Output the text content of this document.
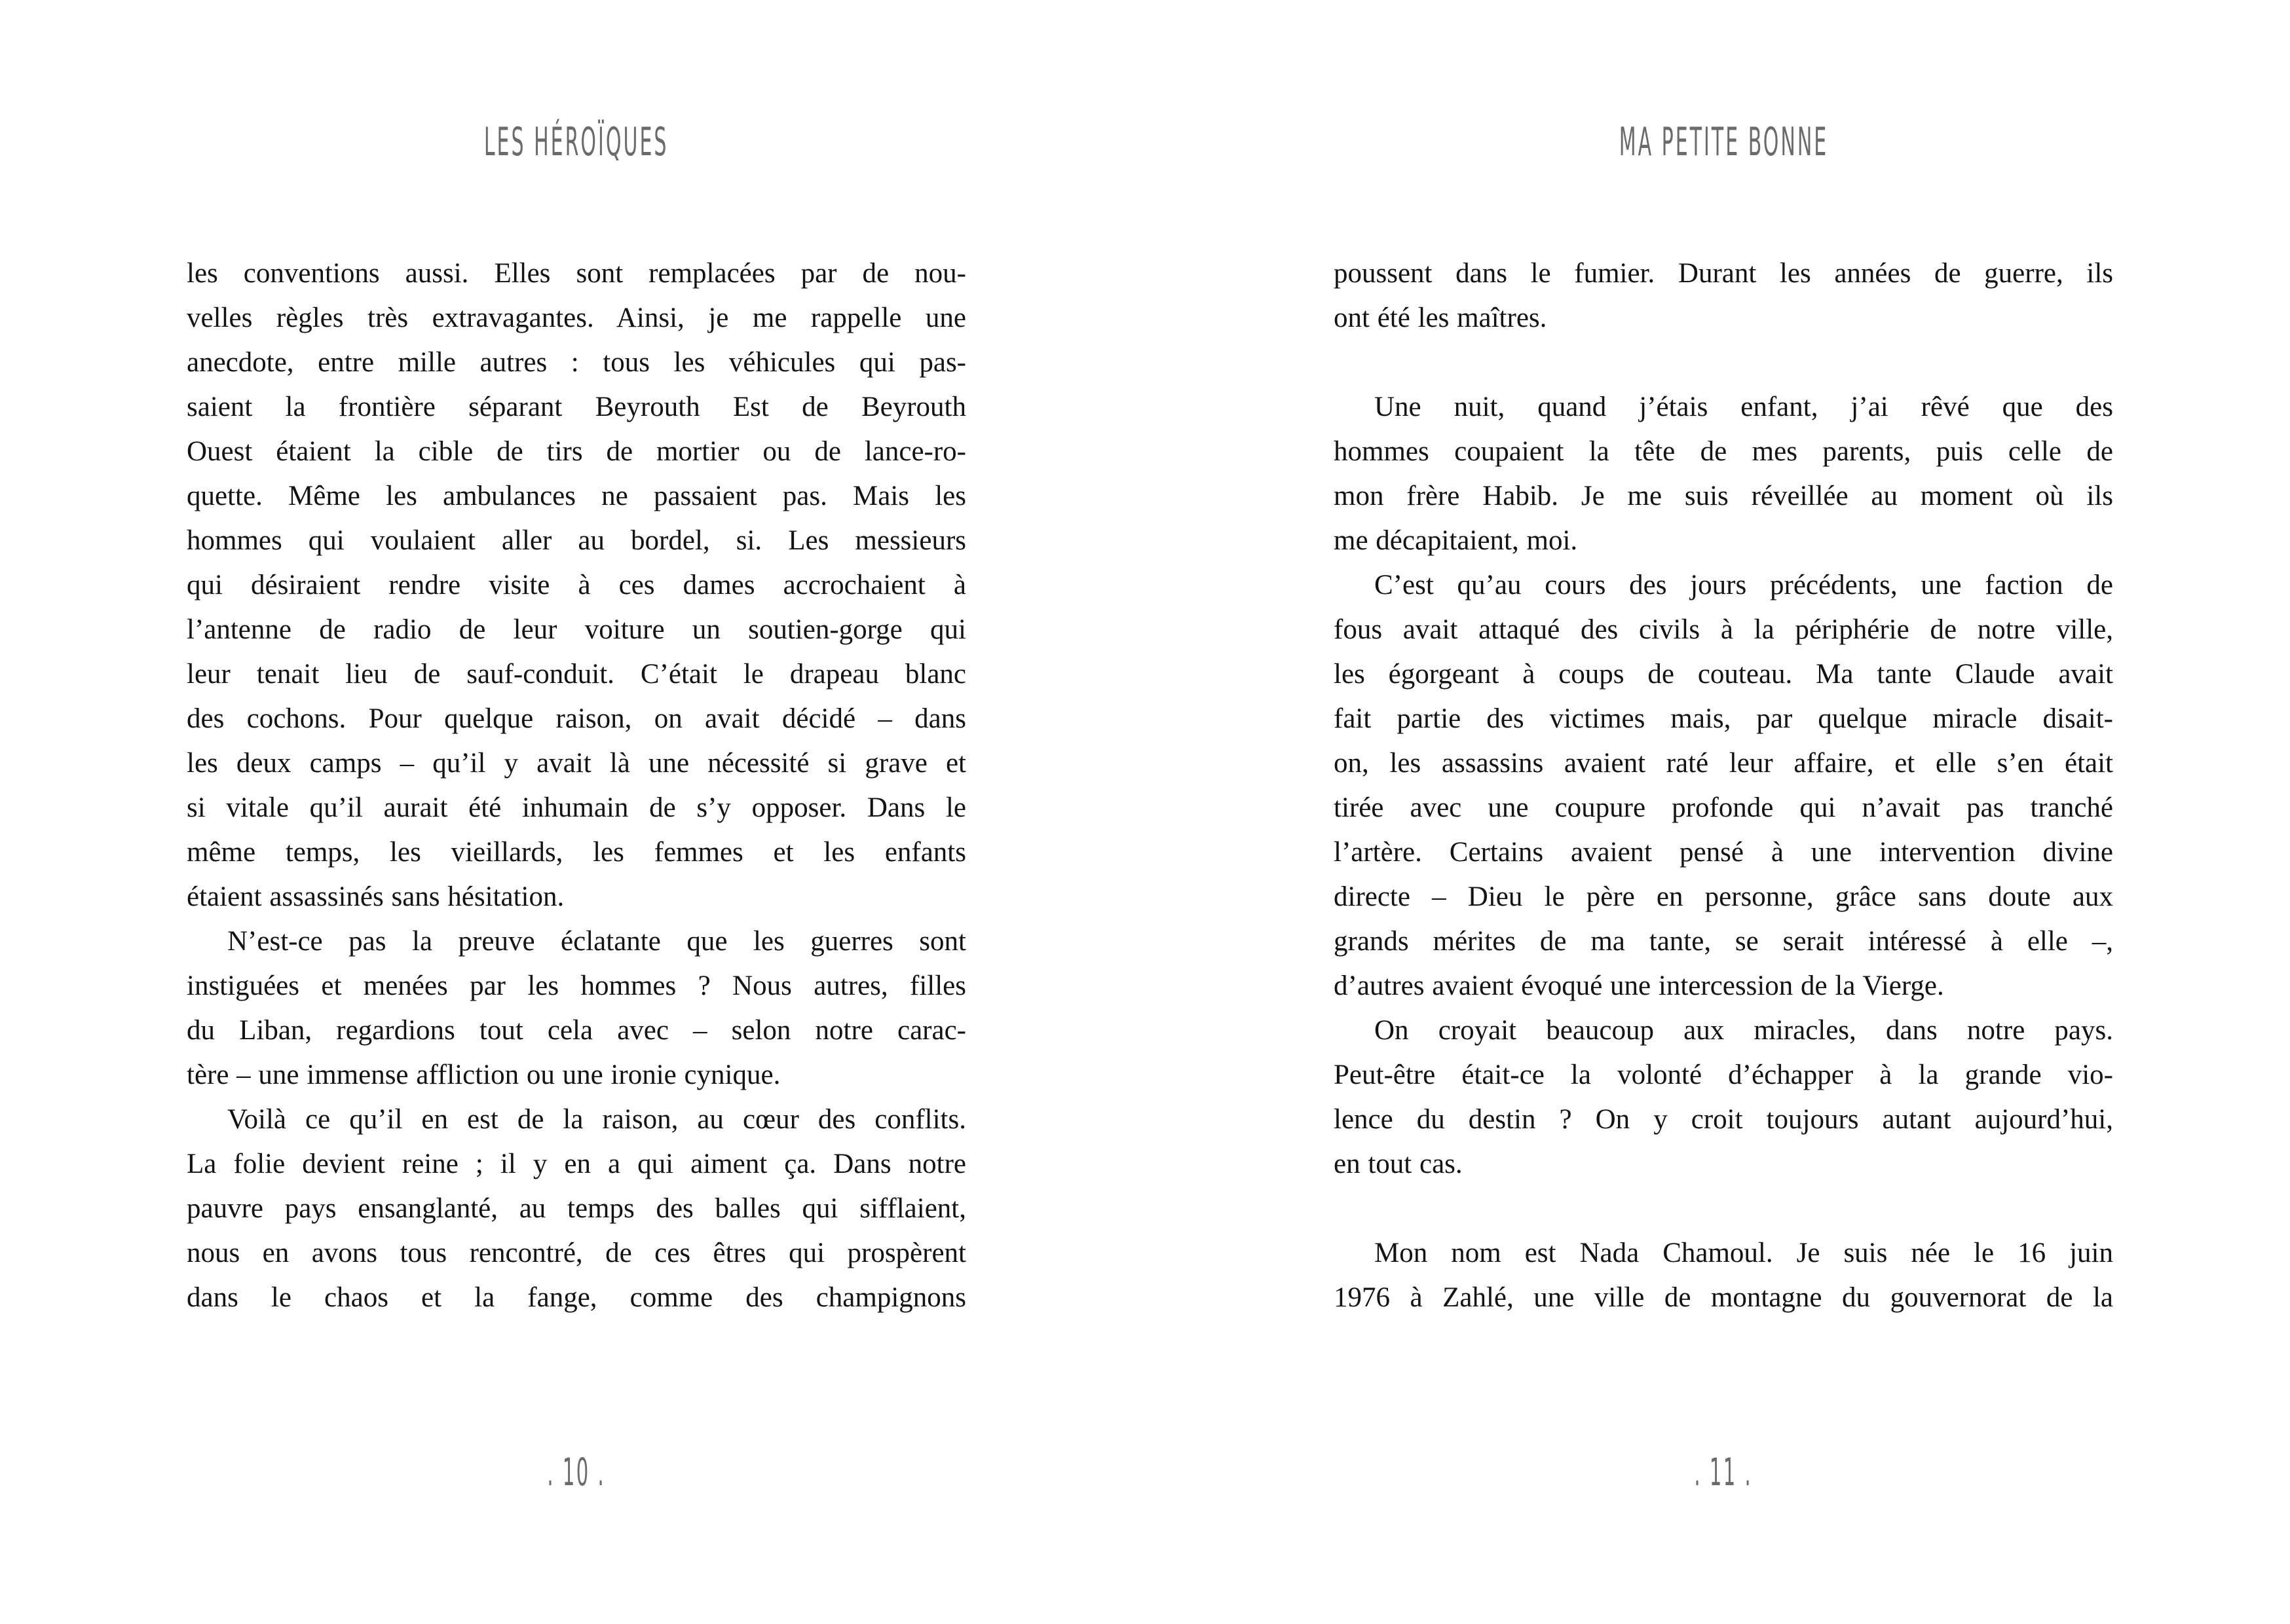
LES HÉROÏQUES
les conventions aussi. Elles sont remplacées par de nou-
velles règles très extravagantes. Ainsi, je me rappelle une
anecdote, entre mille autres : tous les véhicules qui pas-
saient la frontière séparant Beyrouth Est de Beyrouth
Ouest étaient la cible de tirs de mortier ou de lance-ro-
quette. Même les ambulances ne passaient pas. Mais les
hommes qui voulaient aller au bordel, si. Les messieurs
qui désiraient rendre visite à ces dames accrochaient à
l’antenne de radio de leur voiture un soutien-gorge qui
leur tenait lieu de sauf-conduit. C’était le drapeau blanc
des cochons. Pour quelque raison, on avait décidé – dans
les deux camps – qu’il y avait là une nécessité si grave et
si vitale qu’il aurait été inhumain de s’y opposer. Dans le
même temps, les vieillards, les femmes et les enfants
étaient assassinés sans hésitation.
N’est-ce pas la preuve éclatante que les guerres sont
instiguées et menées par les hommes ? Nous autres, filles
du Liban, regardions tout cela avec – selon notre carac-
tère – une immense affliction ou une ironie cynique.
Voilà ce qu’il en est de la raison, au cœur des conflits.
La folie devient reine ; il y en a qui aiment ça. Dans notre
pauvre pays ensanglanté, au temps des balles qui sifflaient,
nous en avons tous rencontré, de ces êtres qui prospèrent
dans le chaos et la fange, comme des champignons
. 10 .
MA PETITE BONNE
poussent dans le fumier. Durant les années de guerre, ils
ont été les maîtres.

Une nuit, quand j’étais enfant, j’ai rêvé que des
hommes coupaient la tête de mes parents, puis celle de
mon frère Habib. Je me suis réveillée au moment où ils
me décapitaient, moi.
C’est qu’au cours des jours précédents, une faction de
fous avait attaqué des civils à la périphérie de notre ville,
les égorgeant à coups de couteau. Ma tante Claude avait
fait partie des victimes mais, par quelque miracle disait-
on, les assassins avaient raté leur affaire, et elle s’en était
tirée avec une coupure profonde qui n’avait pas tranché
l’artère. Certains avaient pensé à une intervention divine
directe – Dieu le père en personne, grâce sans doute aux
grands mérites de ma tante, se serait intéressé à elle –,
d’autres avaient évoqué une intercession de la Vierge.
On croyait beaucoup aux miracles, dans notre pays.
Peut-être était-ce la volonté d’échapper à la grande vio-
lence du destin ? On y croit toujours autant aujourd’hui,
en tout cas.

Mon nom est Nada Chamoul. Je suis née le 16 juin
1976 à Zahlé, une ville de montagne du gouvernorat de la
. 11 .
